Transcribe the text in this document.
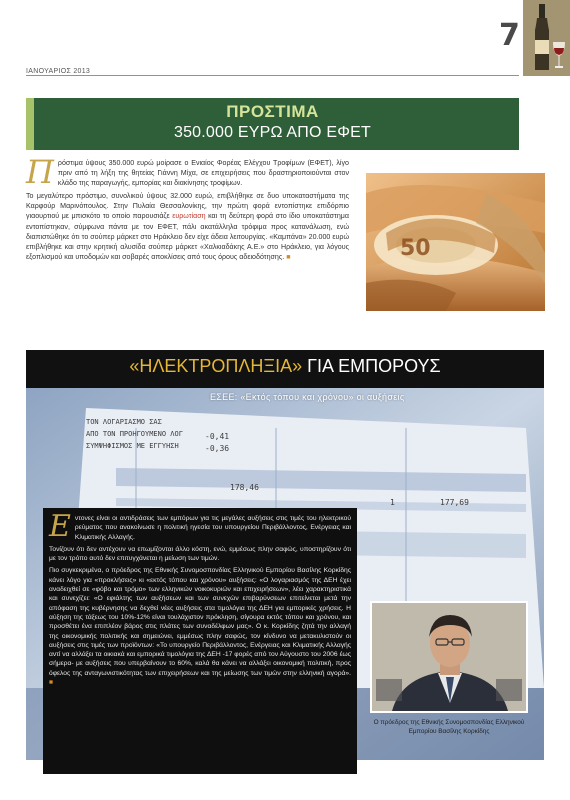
ΙΑΝΟΥΑΡΙΟΣ 2013
7
ΠΡΟΣΤΙΜΑ
350.000 ΕΥΡΩ ΑΠΟ ΕΦΕΤ

Πρόστιμα ύψους 350.000 ευρώ μοίρασε ο Ενιαίος Φορέας Ελέγχου Τροφίμων (ΕΦΕΤ), λίγο πριν από τη λήξη της θητείας Γιάννη Μίχα, σε επιχειρήσεις που δραστηριοποιούνται στον κλάδο της παραγωγής, εμπορίας και διακίνησης τροφίμων.

Το μεγαλύτερο πρόστιμο, συνολικού ύψους 32.000 ευρώ, επιβλήθηκε σε δυο υποκαταστήματα της Καρφούρ Μαρινόπουλος. Στην Πυλαία Θεσσαλονίκης, την πρώτη φορά εντοπίστηκε επιδόρπιο γιαουρτιού με μπισκότο το οποίο παρουσιάζε ευρωτίαση και τη δεύτερη φορά στο ίδιο υποκατάστημα εντοπίστηκαν, σύμφωνα πάντα με τον ΕΦΕΤ, πάλι ακατάλληλα τρόφιμα προς κατανάλωση, ενώ διαπιστώθηκε ότι το σούπερ μάρκετ στο Ηράκλειο δεν είχε άδεια λειτουργίας. «Καμπάνα» 20.000 ευρώ επιβλήθηκε και στην κρητική αλυσίδα σούπερ μάρκετ «Χαλκιαδάκης Α.Ε.» στο Ηράκλειο, για λόγους εξοπλισμού και υποδομών και σοβαρές αποκλίσεις από τους όρους αδειοδότησης. ■	50
«ΗΛΕΚΤΡΟΠΛΗΞΙΑ» ΓΙΑ ΕΜΠΟΡΟΥΣ
ΤΟΝ ΛΟΓΑΡΙΑΣΜΟ ΣΑΣ
ΑΠΟ ΤΟΝ ΠΡΟΗΓΟΥΜΕΝΟ ΛΟΓ
ΣΥΜΨΗΦΙΣΜΟΣ ΜΕ ΕΓΓΥΗΣΗ
-0,41
-0,36
178,46
177,69
1
ΕΣΕΕ: «Εκτός τόπου και χρόνου» οι αυξήσεις

Εντονες είναι οι αντιδράσεις των εμπόρων για τις μεγάλες αυξήσεις στις τιμές του ηλεκτρικού ρεύματος που ανακοίνωσε η πολιτική ηγεσία του υπουργείου Περιβάλλοντος, Ενέργειας και Κλιματικής Αλλαγής.

Τονίζουν ότι δεν αντέχουν να επωμίζονται άλλο κόστη, ενώ, εμμέσως πλην σαφώς, υποστηρίζουν ότι με τον τρόπο αυτό δεν επιτυγχάνεται η μείωση των τιμών.

Πιο συγκεκριμένα, ο πρόεδρος της Εθνικής Συνομοσπονδίας Ελληνικού Εμπορίου Βασίλης Κορκίδης κάνει λόγο για «προκλήσεις» κι «εκτός τόπου και χρόνου» αυξήσεις: «Ο λογαριασμός της ΔΕΗ έχει αναδειχθεί σε «φόβο και τρόμο» των ελληνικών νοικοκυριών και επιχειρήσεων», λέει χαρακτηριστικά και συνεχίζει: «Ο εφιάλτης των αυξήσεων και των συνεχών επιβαρύνσεων επιτείνεται μετά την απόφαση της κυβέρνησης να δεχθεί νέες αυξήσεις στα τιμολόγια της ΔΕΗ για εμπορικές χρήσεις. Η αύξηση της τάξεως του 10%-12% είναι τουλάχιστον πρόκληση, σίγουρα εκτός τόπου και χρόνου, και προσθέτει ένα επιπλέον βάρος στις πλάτες των συναδέλφων μας». Ο κ. Κορκίδης ζητά την αλλαγή της οικονομικής πολιτικής και σημειώνει, εμμέσως πλην σαφώς, τον κίνδυνο να μετακυλιστούν οι αυξήσεις στις τιμές των προϊόντων: «Το υπουργείο Περιβάλλοντος, Ενέργειας και Κλιματικής Αλλαγής αντί να αλλάξει τα οικιακά και εμπορικά τιμολόγια της ΔΕΗ -17 φορές από τον Αύγουστο του 2006 έως σήμερα- με αυξήσεις που υπερβαίνουν το 60%, καλά θα κάνει να αλλάξει οικονομική πολιτική, προς όφελος της ανταγωνιστικότητας των επιχειρήσεων και της μείωσης των τιμών στην ελληνική αγορά». ■

Ο πρόεδρος της Εθνικής Συνομοσπονδίας Ελληνικού Εμπορίου Βασίλης Κορκίδης
